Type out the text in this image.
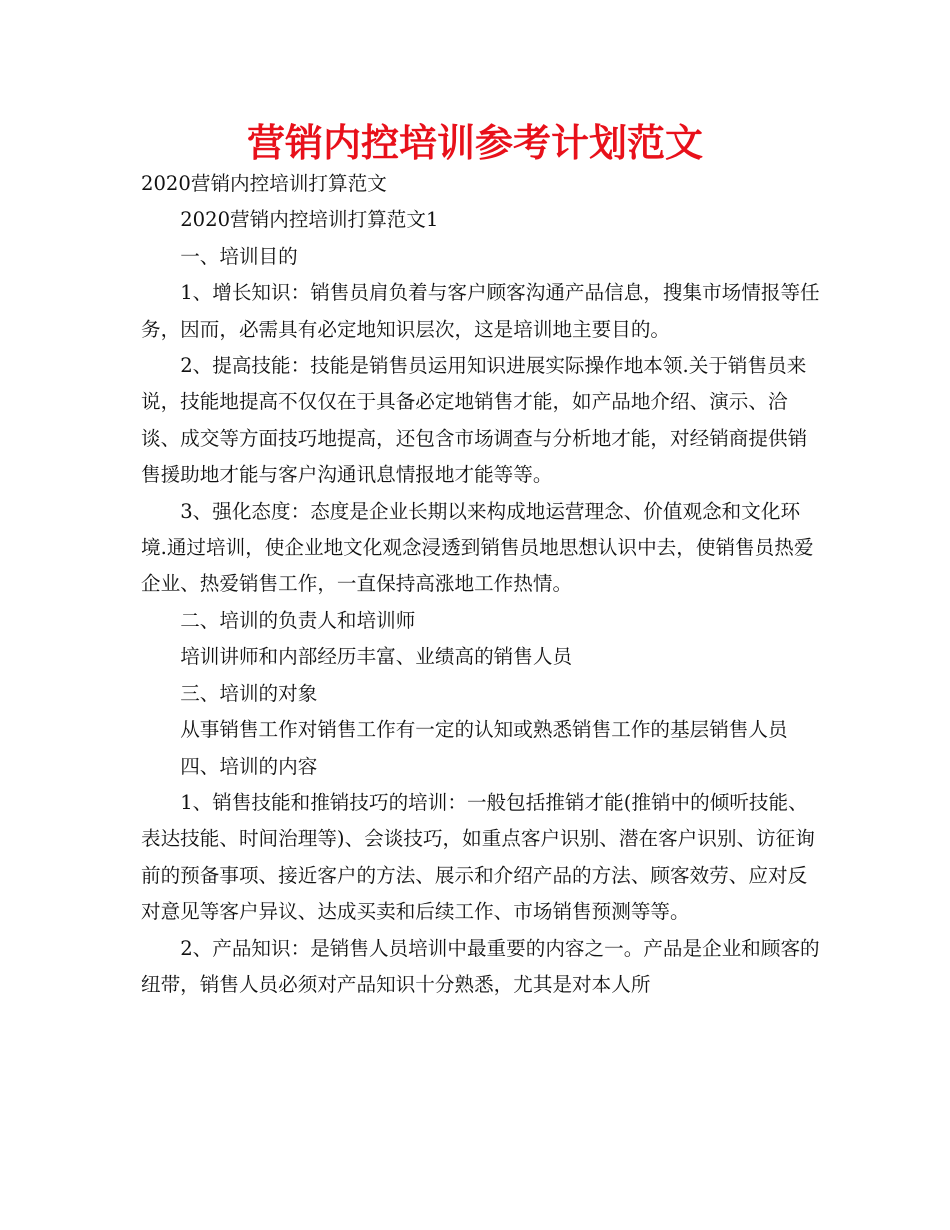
营销内控培训参考计划范文

2020营销内控培训打算范文

2020营销内控培训打算范文1

一、培训目的

1、增长知识：销售员肩负着与客户顾客沟通产品信息，搜集市场情报等任务，因而，必需具有必定地知识层次，这是培训地主要目的。

2、提高技能：技能是销售员运用知识进展实际操作地本领.关于销售员来说，技能地提高不仅仅在于具备必定地销售才能，如产品地介绍、演示、洽谈、成交等方面技巧地提高，还包含市场调查与分析地才能，对经销商提供销售援助地才能与客户沟通讯息情报地才能等等。

3、强化态度：态度是企业长期以来构成地运营理念、价值观念和文化环境.通过培训，使企业地文化观念浸透到销售员地思想认识中去，使销售员热爱企业、热爱销售工作，一直保持高涨地工作热情。

二、培训的负责人和培训师

培训讲师和内部经历丰富、业绩高的销售人员

三、培训的对象

从事销售工作对销售工作有一定的认知或熟悉销售工作的基层销售人员

四、培训的内容

1、销售技能和推销技巧的培训：一般包括推销才能(推销中的倾听技能、表达技能、时间治理等)、会谈技巧，如重点客户识别、潜在客户识别、访征询前的预备事项、接近客户的方法、展示和介绍产品的方法、顾客效劳、应对反对意见等客户异议、达成买卖和后续工作、市场销售预测等等。

2、产品知识：是销售人员培训中最重要的内容之一。产品是企业和顾客的纽带，销售人员必须对产品知识十分熟悉，尤其是对本人所
